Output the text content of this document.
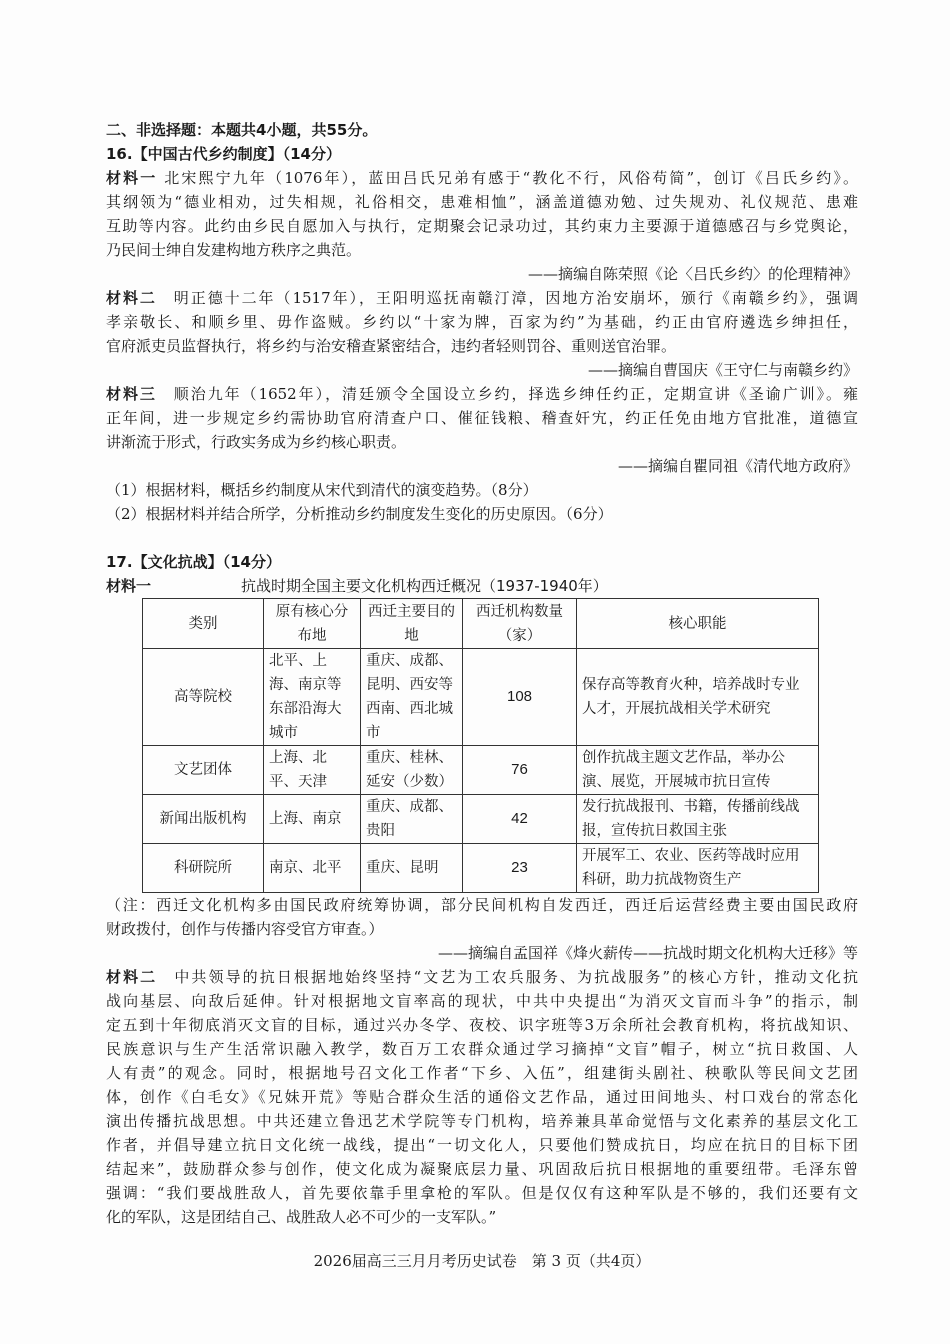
二、非选择题：本题共4小题，共55分。
16.【中国古代乡约制度】（14分）
材料一 北宋熙宁九年（1076年），蓝田吕氏兄弟有感于“教化不行，风俗苟简”，创订《吕氏乡约》。
其纲领为“德业相劝，过失相规，礼俗相交，患难相恤”，涵盖道德劝勉、过失规劝、礼仪规范、患难
互助等内容。此约由乡民自愿加入与执行，定期聚会记录功过，其约束力主要源于道德感召与乡党舆论，
乃民间士绅自发建构地方秩序之典范。
——摘编自陈荣照《论〈吕氏乡约〉的伦理精神》
材料二　明正德十二年（1517年），王阳明巡抚南赣汀漳，因地方治安崩坏，颁行《南赣乡约》，强调
孝亲敬长、和顺乡里、毋作盗贼。乡约以“十家为牌，百家为约”为基础，约正由官府遴选乡绅担任，
官府派吏员监督执行，将乡约与治安稽查紧密结合，违约者轻则罚谷、重则送官治罪。
——摘编自曹国庆《王守仁与南赣乡约》
材料三　顺治九年（1652年），清廷颁令全国设立乡约，择选乡绅任约正，定期宣讲《圣谕广训》。雍
正年间，进一步规定乡约需协助官府清查户口、催征钱粮、稽查奸宄，约正任免由地方官批准，道德宣
讲渐流于形式，行政实务成为乡约核心职责。
——摘编自瞿同祖《清代地方政府》
（1）根据材料，概括乡约制度从宋代到清代的演变趋势。（8分）
（2）根据材料并结合所学，分析推动乡约制度发生变化的历史原因。（6分）
17.【文化抗战】（14分）
材料一	抗战时期全国主要文化机构西迁概况（1937-1940年）
类别	原有核心分布地	西迁主要目的地	西迁机构数量（家）	核心职能
高等院校	北平、上海、南京等东部沿海大城市	重庆、成都、昆明、西安等西南、西北城市	108	保存高等教育火种，培养战时专业人才，开展抗战相关学术研究
文艺团体	上海、北平、天津	重庆、桂林、延安（少数）	76	创作抗战主题文艺作品，举办公演、展览，开展城市抗日宣传
新闻出版机构	上海、南京	重庆、成都、贵阳	42	发行抗战报刊、书籍，传播前线战报，宣传抗日救国主张
科研院所	南京、北平	重庆、昆明	23	开展军工、农业、医药等战时应用科研，助力抗战物资生产
（注：西迁文化机构多由国民政府统筹协调，部分民间机构自发西迁，西迁后运营经费主要由国民政府
财政拨付，创作与传播内容受官方审查。）
——摘编自孟国祥《烽火薪传——抗战时期文化机构大迁移》等
材料二　中共领导的抗日根据地始终坚持“文艺为工农兵服务、为抗战服务”的核心方针，推动文化抗
战向基层、向敌后延伸。针对根据地文盲率高的现状，中共中央提出“为消灭文盲而斗争”的指示，制
定五到十年彻底消灭文盲的目标，通过兴办冬学、夜校、识字班等3万余所社会教育机构，将抗战知识、
民族意识与生产生活常识融入教学，数百万工农群众通过学习摘掉“文盲”帽子，树立“抗日救国、人
人有责”的观念。同时，根据地号召文化工作者“下乡、入伍”，组建街头剧社、秧歌队等民间文艺团
体，创作《白毛女》《兄妹开荒》等贴合群众生活的通俗文艺作品，通过田间地头、村口戏台的常态化
演出传播抗战思想。中共还建立鲁迅艺术学院等专门机构，培养兼具革命觉悟与文化素养的基层文化工
作者，并倡导建立抗日文化统一战线，提出“一切文化人，只要他们赞成抗日，均应在抗日的目标下团
结起来”，鼓励群众参与创作，使文化成为凝聚底层力量、巩固敌后抗日根据地的重要纽带。毛泽东曾
强调：“我们要战胜敌人，首先要依靠手里拿枪的军队。但是仅仅有这种军队是不够的，我们还要有文
化的军队，这是团结自己、战胜敌人必不可少的一支军队。”
2026届高三三月月考历史试卷　第 3 页（共4页）
